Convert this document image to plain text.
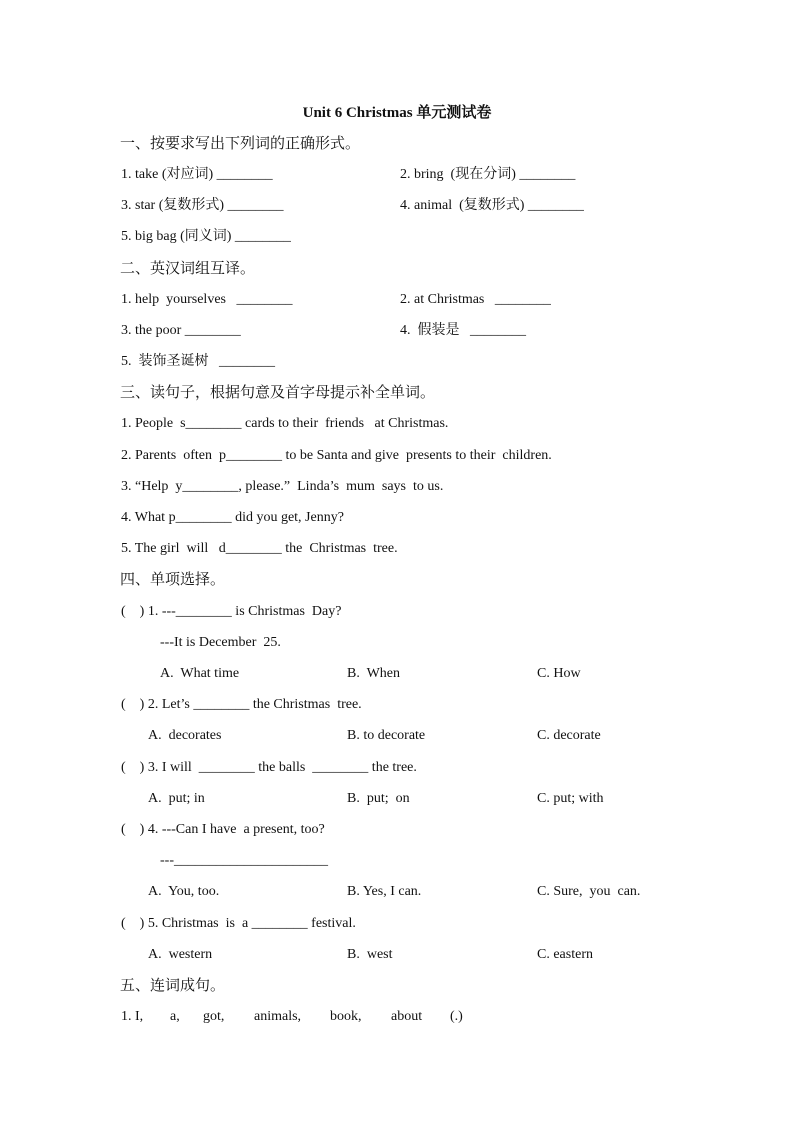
Unit 6 Christmas 单元测试卷
一、按要求写出下列词的正确形式。
1. take (对应词) ________	2. bring  (现在分词) ________
3. star (复数形式) ________	4. animal  (复数形式) ________
5. big bag (同义词) ________
二、英汉词组互译。
1. help  yourselves   ________	2. at Christmas   ________
3. the poor ________	4.  假装是   ________
5.  装饰圣诞树   ________
三、读句子，根据句意及首字母提示补全单词。
1. People  s________ cards to their  friends   at Christmas.
2. Parents  often  p________ to be Santa and give  presents to their  children.
3. “Help  y________, please.”  Linda’s  mum  says  to us.
4. What p________ did you get, Jenny?
5. The girl  will   d________ the  Christmas  tree.
四、单项选择。
(    ) 1. ---________ is Christmas  Day?
---It is December  25.
A.  What time	B.  When	C. How
(    ) 2. Let’s ________ the Christmas  tree.
A.  decorates	B. to decorate	C. decorate
(    ) 3. I will  ________ the balls  ________ the tree.
A.  put; in	B.  put;  on	C. put; with
(    ) 4. ---Can I have  a present, too?
---______________________
A.  You, too.	B. Yes, I can.	C. Sure,  you  can.
(    ) 5. Christmas  is  a ________ festival.
A.  western	B.  west	C. eastern
五、连词成句。
1. I, a, got, animals, book, about (.)
